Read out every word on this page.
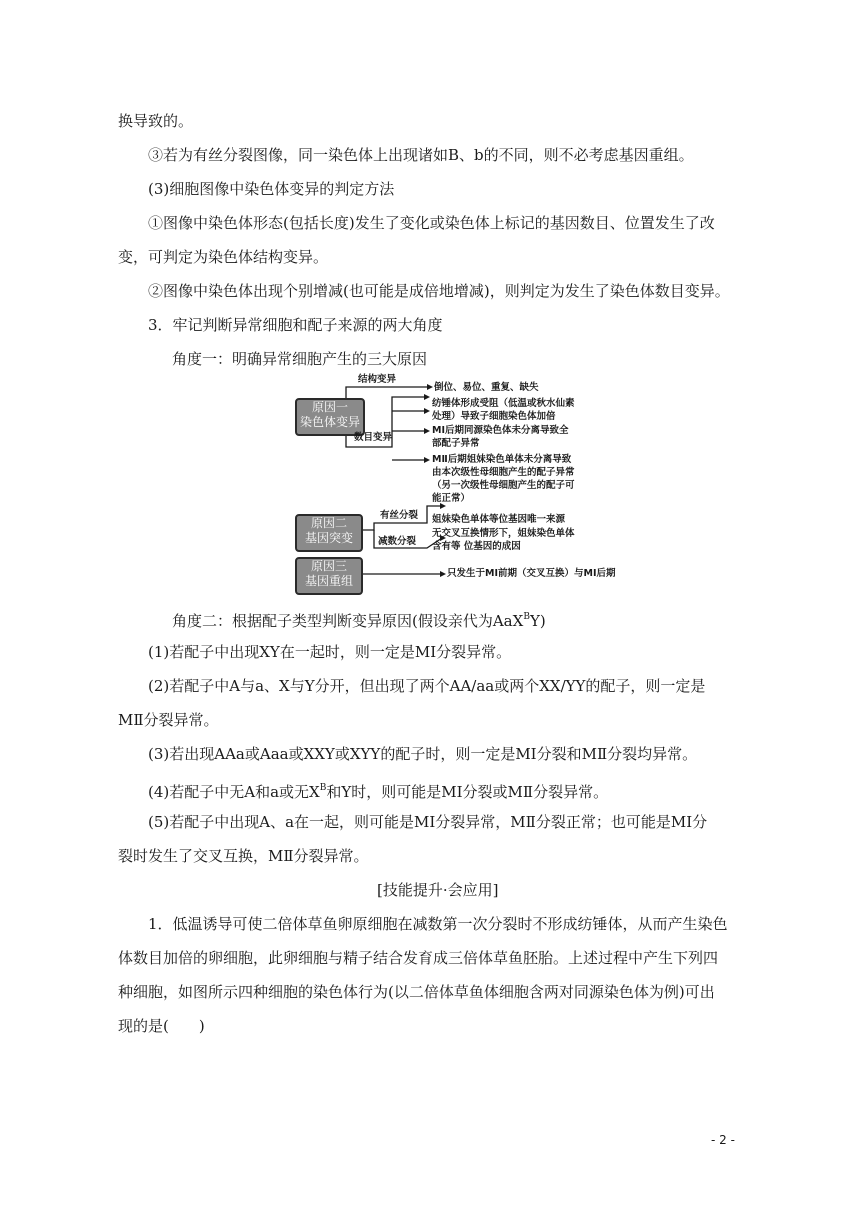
换导致的。
③若为有丝分裂图像，同一染色体上出现诸如B、b的不同，则不必考虑基因重组。
(3)细胞图像中染色体变异的判定方法
①图像中染色体形态(包括长度)发生了变化或染色体上标记的基因数目、位置发生了改
变，可判定为染色体结构变异。
②图像中染色体出现个别增减(也可能是成倍地增减)，则判定为发生了染色体数目变异。
3．牢记判断异常细胞和配子来源的两大角度
角度一：明确异常细胞产生的三大原因
原因一
染色体变异
原因二
基因突变
原因三
基因重组
结构变异
数目变异
有丝分裂
减数分裂
倒位、易位、重复、缺失
纺锤体形成受阻（低温或秋水仙素
处理）导致子细胞染色体加倍
MⅠ后期同源染色体未分离导致全
部配子异常
MⅡ后期姐妹染色单体未分离导致
由本次级性母细胞产生的配子异常
（另一次级性母细胞产生的配子可
能正常）
姐妹染色单体等位基因唯一来源
无交叉互换情形下，姐妹染色单体
含有等 位基因的成因
只发生于MⅠ前期（交叉互换）与MⅠ后期
角度二：根据配子类型判断变异原因(假设亲代为AaX$^B$Y)
(1)若配子中出现XY在一起时，则一定是MⅠ分裂异常。
(2)若配子中A与a、X与Y分开，但出现了两个AA/aa或两个XX/YY的配子，则一定是
MⅡ分裂异常。
(3)若出现AAa或Aaa或XXY或XYY的配子时，则一定是MⅠ分裂和MⅡ分裂均异常。
(4)若配子中无A和a或无$X^B$和Y时，则可能是MⅠ分裂或MⅡ分裂异常。
(5)若配子中出现A、a在一起，则可能是MⅠ分裂异常，MⅡ分裂正常；也可能是MⅠ分
裂时发生了交叉互换，MⅡ分裂异常。
[技能提升·会应用]
1．低温诱导可使二倍体草鱼卵原细胞在减数第一次分裂时不形成纺锤体，从而产生染色
体数目加倍的卵细胞，此卵细胞与精子结合发育成三倍体草鱼胚胎。上述过程中产生下列四
种细胞，如图所示四种细胞的染色体行为(以二倍体草鱼体细胞含两对同源染色体为例)可出
现的是(　　)
- 2 -
